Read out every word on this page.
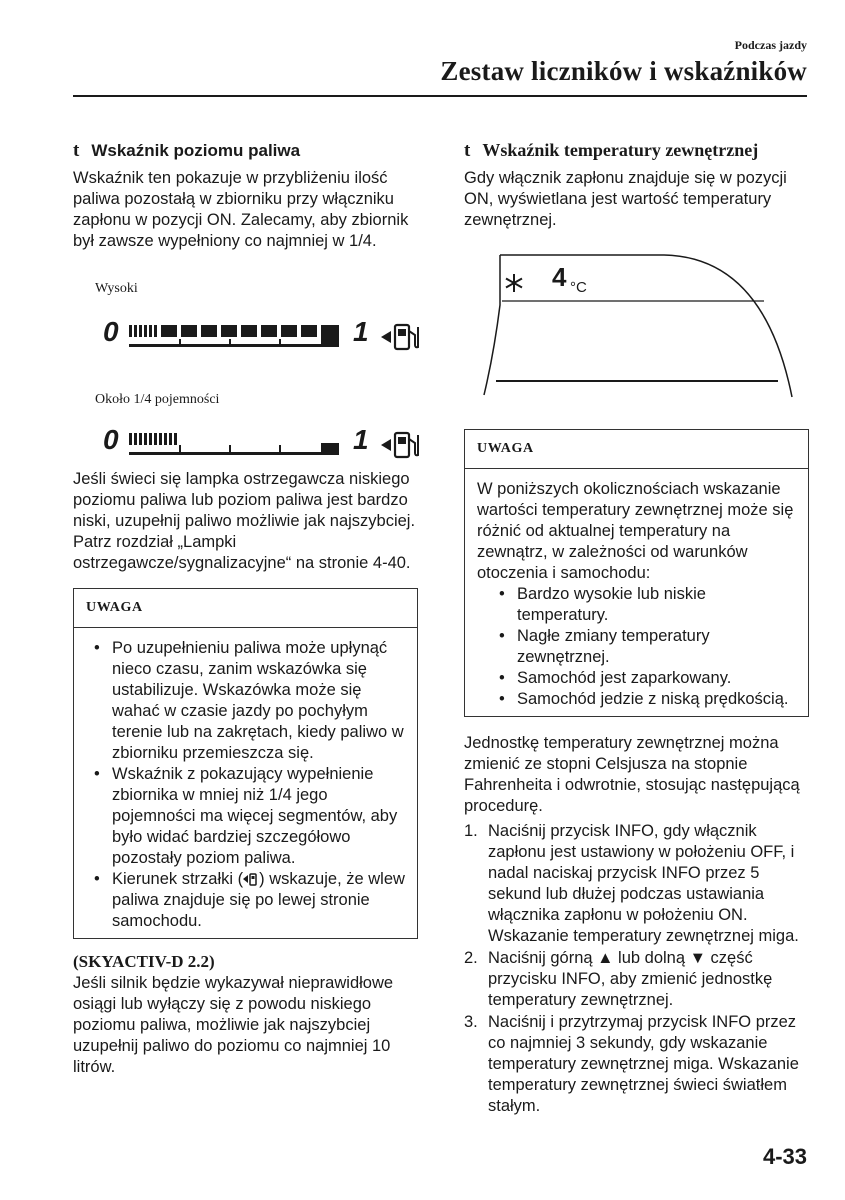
Podczas jazdy
Zestaw liczników i wskaźników
t Wskaźnik poziomu paliwa

Wskaźnik ten pokazuje w przybliżeniu ilość paliwa pozostałą w zbiorniku przy włączniku zapłonu w pozycji ON. Zalecamy, aby zbiornik był zawsze wypełniony co najmniej w 1/4.

Wysoki

0	1

Około 1/4 pojemności

0	1

Jeśli świeci się lampka ostrzegawcza niskiego poziomu paliwa lub poziom paliwa jest bardzo niski, uzupełnij paliwo możliwie jak najszybciej.

Patrz rozdział „Lampki ostrzegawcze/sygnalizacyjne“ na stronie 4-40.

UWAGA
• Po uzupełnieniu paliwa może upłynąć nieco czasu, zanim wskazówka się ustabilizuje. Wskazówka może się wahać w czasie jazdy po pochyłym terenie lub na zakrętach, kiedy paliwo w zbiorniku przemieszcza się.
• Wskaźnik z pokazujący wypełnienie zbiornika w mniej niż 1/4 jego pojemności ma więcej segmentów, aby było widać bardziej szczegółowo pozostały poziom paliwa.
• Kierunek strzałki ( ) wskazuje, że wlew paliwa znajduje się po lewej stronie samochodu.

(SKYACTIV-D 2.2)

Jeśli silnik będzie wykazywał nieprawidłowe osiągi lub wyłączy się z powodu niskiego poziomu paliwa, możliwie jak najszybciej uzupełnij paliwo do poziomu co najmniej 10 litrów.

t Wskaźnik temperatury zewnętrznej

Gdy włącznik zapłonu znajduje się w pozycji ON, wyświetlana jest wartość temperatury zewnętrznej.

4 °C
UWAGA

W poniższych okolicznościach wskazanie wartości temperatury zewnętrznej może się różnić od aktualnej temperatury na zewnątrz, w zależności od warunków otoczenia i samochodu:

• Bardzo wysokie lub niskie temperatury.
• Nagłe zmiany temperatury zewnętrznej.
• Samochód jest zaparkowany.
• Samochód jedzie z niską prędkością.

Jednostkę temperatury zewnętrznej można zmienić ze stopni Celsjusza na stopnie Fahrenheita i odwrotnie, stosując następującą procedurę.

1. Naciśnij przycisk INFO, gdy włącznik zapłonu jest ustawiony w położeniu OFF, i nadal naciskaj przycisk INFO przez 5 sekund lub dłużej podczas ustawiania włącznika zapłonu w położeniu ON. Wskazanie temperatury zewnętrznej miga.
2. Naciśnij górną ▲ lub dolną ▼ część przycisku INFO, aby zmienić jednostkę temperatury zewnętrznej.
3. Naciśnij i przytrzymaj przycisk INFO przez co najmniej 3 sekundy, gdy wskazanie temperatury zewnętrznej miga. Wskazanie temperatury zewnętrznej świeci światłem stałym.
4-33
